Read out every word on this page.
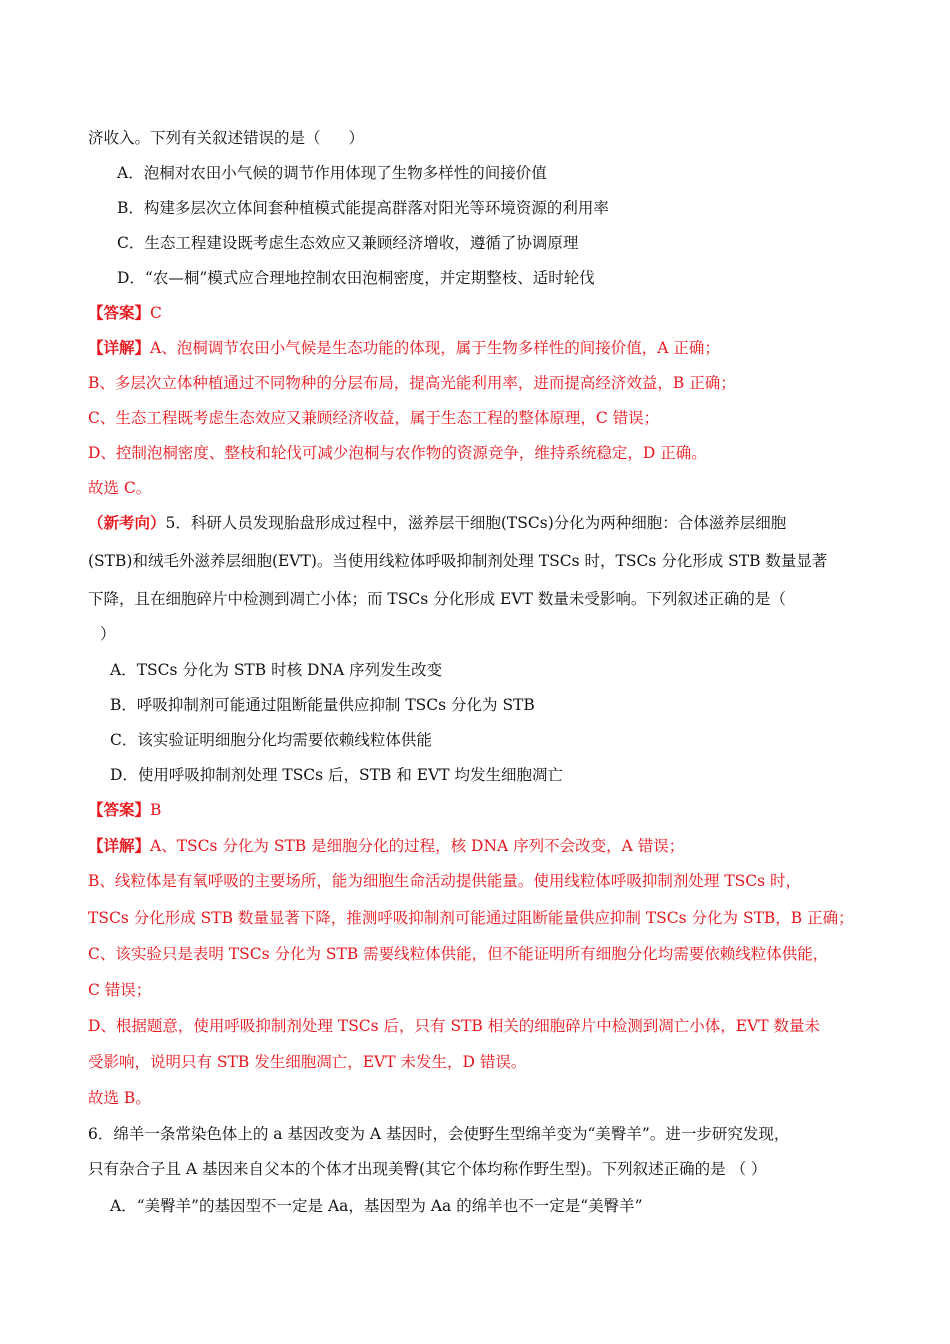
济收入。下列有关叙述错误的是（ ）
A．泡桐对农田小气候的调节作用体现了生物多样性的间接价值
B．构建多层次立体间套种植模式能提高群落对阳光等环境资源的利用率
C．生态工程建设既考虑生态效应又兼顾经济增收，遵循了协调原理
D．“农—桐”模式应合理地控制农田泡桐密度，并定期整枝、适时轮伐
【答案】C
【详解】A、泡桐调节农田小气候是生态功能的体现，属于生物多样性的间接价值，A 正确；
B、多层次立体种植通过不同物种的分层布局，提高光能利用率，进而提高经济效益，B 正确；
C、生态工程既考虑生态效应又兼顾经济收益，属于生态工程的整体原理，C 错误；
D、控制泡桐密度、整枝和轮伐可减少泡桐与农作物的资源竞争，维持系统稳定，D 正确。
故选 C。
（新考向）5．科研人员发现胎盘形成过程中，滋养层干细胞(TSCs)分化为两种细胞：合体滋养层细胞
(STB)和绒毛外滋养层细胞(EVT)。当使用线粒体呼吸抑制剂处理 TSCs 时，TSCs 分化形成 STB 数量显著
下降，且在细胞碎片中检测到凋亡小体；而 TSCs 分化形成 EVT 数量未受影响。下列叙述正确的是（
）
A．TSCs 分化为 STB 时核 DNA 序列发生改变
B．呼吸抑制剂可能通过阻断能量供应抑制 TSCs 分化为 STB
C．该实验证明细胞分化均需要依赖线粒体供能
D．使用呼吸抑制剂处理 TSCs 后，STB 和 EVT 均发生细胞凋亡
【答案】B
【详解】A、TSCs 分化为 STB 是细胞分化的过程，核 DNA 序列不会改变，A 错误；
B、线粒体是有氧呼吸的主要场所，能为细胞生命活动提供能量。使用线粒体呼吸抑制剂处理 TSCs 时，
TSCs 分化形成 STB 数量显著下降，推测呼吸抑制剂可能通过阻断能量供应抑制 TSCs 分化为 STB，B 正确；
C、该实验只是表明 TSCs 分化为 STB 需要线粒体供能，但不能证明所有细胞分化均需要依赖线粒体供能，
C 错误；
D、根据题意，使用呼吸抑制剂处理 TSCs 后，只有 STB 相关的细胞碎片中检测到凋亡小体，EVT 数量未
受影响，说明只有 STB 发生细胞凋亡，EVT 未发生，D 错误。
故选 B。
6．绵羊一条常染色体上的 a 基因改变为 A 基因时，会使野生型绵羊变为“美臀羊”。进一步研究发现，
只有杂合子且 A 基因来自父本的个体才出现美臀(其它个体均称作野生型)。下列叙述正确的是 （ ）
A．“美臀羊”的基因型不一定是 Aa，基因型为 Aa 的绵羊也不一定是“美臀羊”
